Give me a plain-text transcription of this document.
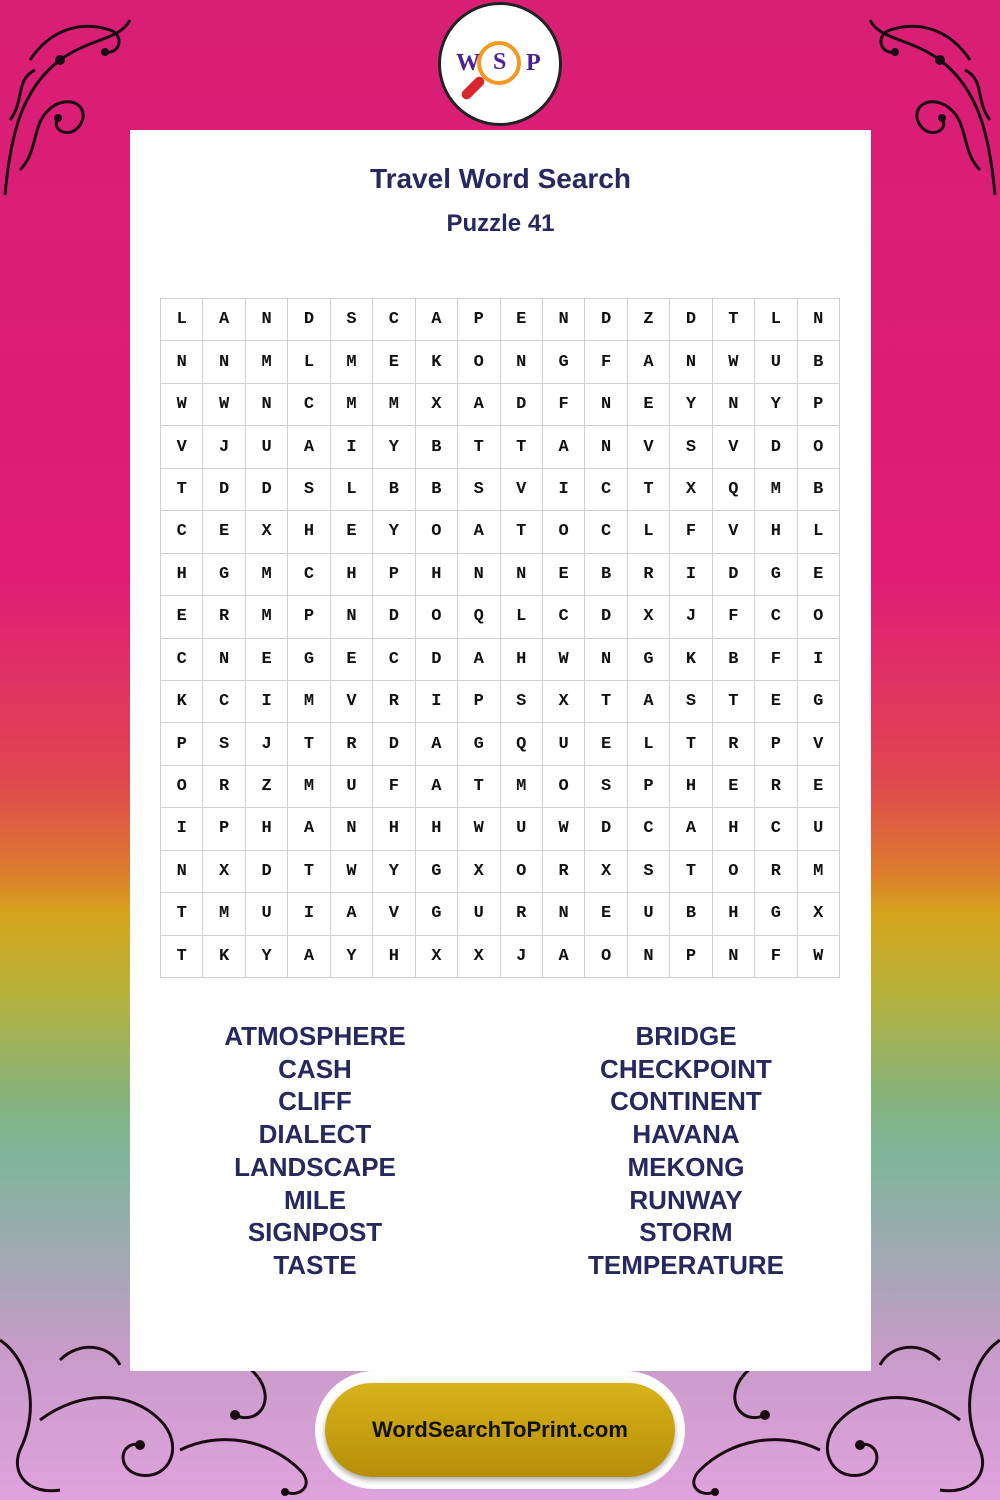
W S P
Travel Word Search
Puzzle 41
L	A	N	D	S	C	A	P	E	N	D	Z	D	T	L	N
N	N	M	L	M	E	K	O	N	G	F	A	N	W	U	B
W	W	N	C	M	M	X	A	D	F	N	E	Y	N	Y	P
V	J	U	A	I	Y	B	T	T	A	N	V	S	V	D	O
T	D	D	S	L	B	B	S	V	I	C	T	X	Q	M	B
C	E	X	H	E	Y	O	A	T	O	C	L	F	V	H	L
H	G	M	C	H	P	H	N	N	E	B	R	I	D	G	E
E	R	M	P	N	D	O	Q	L	C	D	X	J	F	C	O
C	N	E	G	E	C	D	A	H	W	N	G	K	B	F	I
K	C	I	M	V	R	I	P	S	X	T	A	S	T	E	G
P	S	J	T	R	D	A	G	Q	U	E	L	T	R	P	V
O	R	Z	M	U	F	A	T	M	O	S	P	H	E	R	E
I	P	H	A	N	H	H	W	U	W	D	C	A	H	C	U
N	X	D	T	W	Y	G	X	O	R	X	S	T	O	R	M
T	M	U	I	A	V	G	U	R	N	E	U	B	H	G	X
T	K	Y	A	Y	H	X	X	J	A	O	N	P	N	F	W
ATMOSPHERE
CASH
CLIFF
DIALECT
LANDSCAPE
MILE
SIGNPOST
TASTE
BRIDGE
CHECKPOINT
CONTINENT
HAVANA
MEKONG
RUNWAY
STORM
TEMPERATURE
WordSearchToPrint.com
